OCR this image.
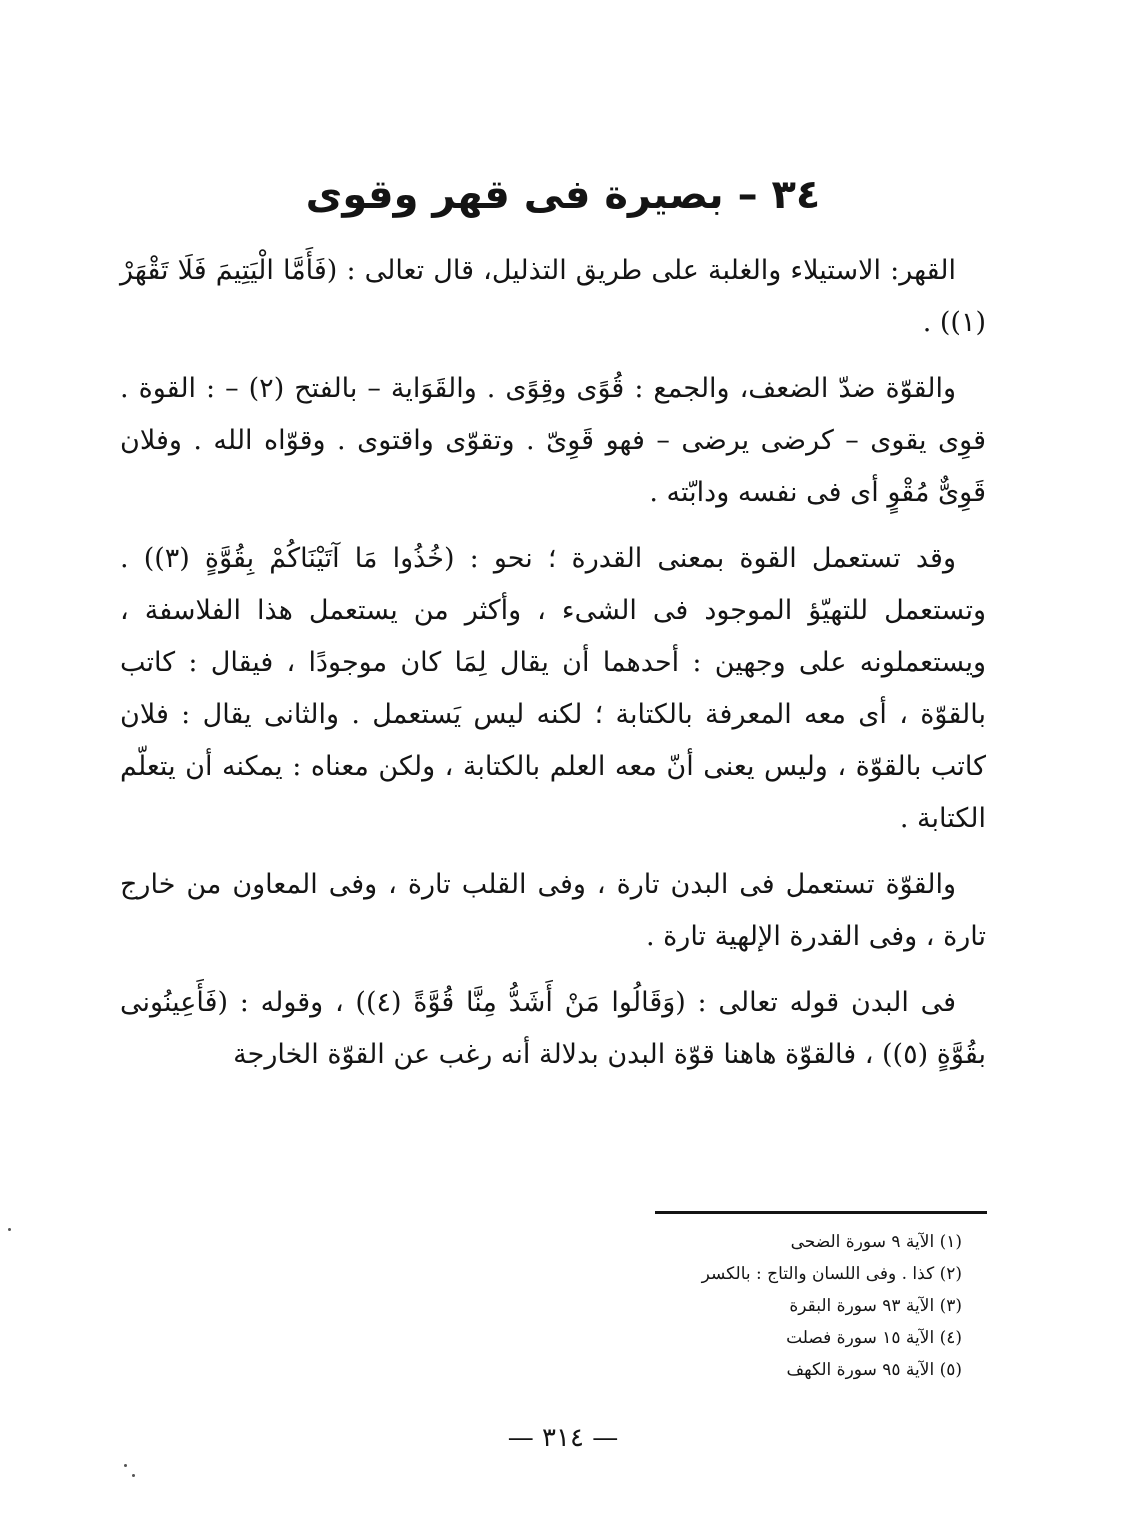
٣٤ – بصيرة فى قهر وقوى

القهر: الاستيلاء والغلبة على طريق التذليل، قال تعالى : (فَأَمَّا الْيَتِيمَ فَلَا تَقْهَرْ (١)) .

والقوّة ضدّ الضعف، والجمع : قُوًى وقِوًى . والقَوَاية – بالفتح (٢) – : القوة . قوِى يقوى – كرضى يرضى – فهو قَوِىّ . وتقوّى واقتوى . وقوّاه الله . وفلان قَوِىٌّ مُقْوٍ أى فى نفسه ودابّته .

وقد تستعمل القوة بمعنى القدرة ؛ نحو : (خُذُوا مَا آتَيْنَاكُمْ بِقُوَّةٍ (٣)) . وتستعمل للتهيّؤ الموجود فى الشىء ، وأكثر من يستعمل هذا الفلاسفة ، ويستعملونه على وجهين : أحدهما أن يقال لِمَا كان موجودًا ، فيقال : كاتب بالقوّة ، أى معه المعرفة بالكتابة ؛ لكنه ليس يَستعمل . والثانى يقال : فلان كاتب بالقوّة ، وليس يعنى أنّ معه العلم بالكتابة ، ولكن معناه : يمكنه أن يتعلّم الكتابة .

والقوّة تستعمل فى البدن تارة ، وفى القلب تارة ، وفى المعاون من خارج تارة ، وفى القدرة الإلهية تارة .

فى البدن قوله تعالى : (وَقَالُوا مَنْ أَشَدُّ مِنَّا قُوَّةً (٤)) ، وقوله : (فَأَعِينُونى بقُوَّةٍ (٥)) ، فالقوّة هاهنا قوّة البدن بدلالة أنه رغب عن القوّة الخارجة

(١) الآية ٩ سورة الضحى
(٢) كذا . وفى اللسان والتاج : بالكسر
(٣) الآية ٩٣ سورة البقرة
(٤) الآية ١٥ سورة فصلت
(٥) الآية ٩٥ سورة الكهف
— ٣١٤ —
